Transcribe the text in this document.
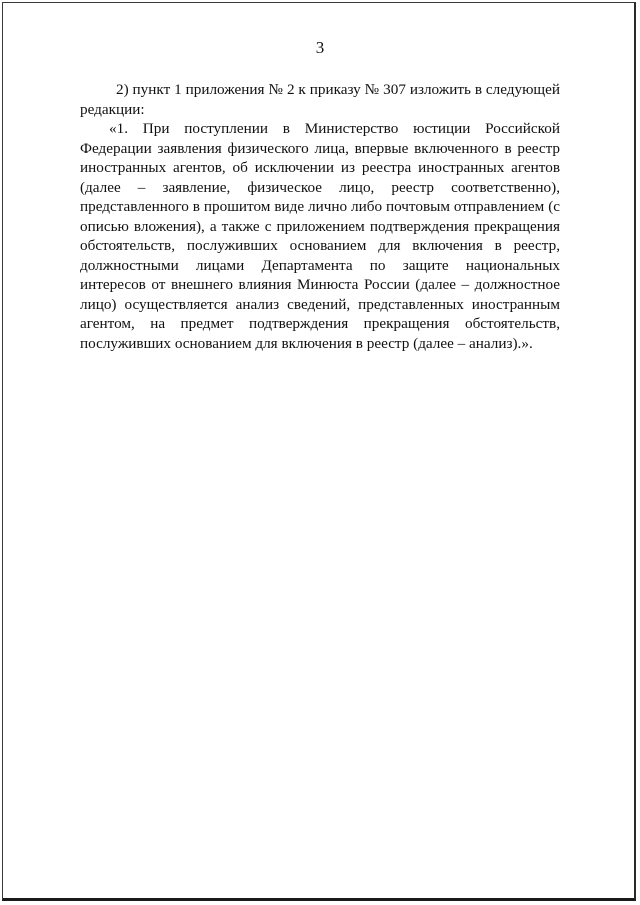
3

2) пункт 1 приложения № 2 к приказу № 307 изложить в следующей редакции:

«1. При поступлении в Министерство юстиции Российской Федерации заявления физического лица, впервые включенного в реестр иностранных агентов, об исключении из реестра иностранных агентов (далее – заявление, физическое лицо, реестр соответственно), представленного в прошитом виде лично либо почтовым отправлением (с описью вложения), а также с приложением подтверждения прекращения обстоятельств, послуживших основанием для включения в реестр, должностными лицами Департамента по защите национальных интересов от внешнего влияния Минюста России (далее – должностное лицо) осуществляется анализ сведений, представленных иностранным агентом, на предмет подтверждения прекращения обстоятельств, послуживших основанием для включения в реестр (далее – анализ).».
